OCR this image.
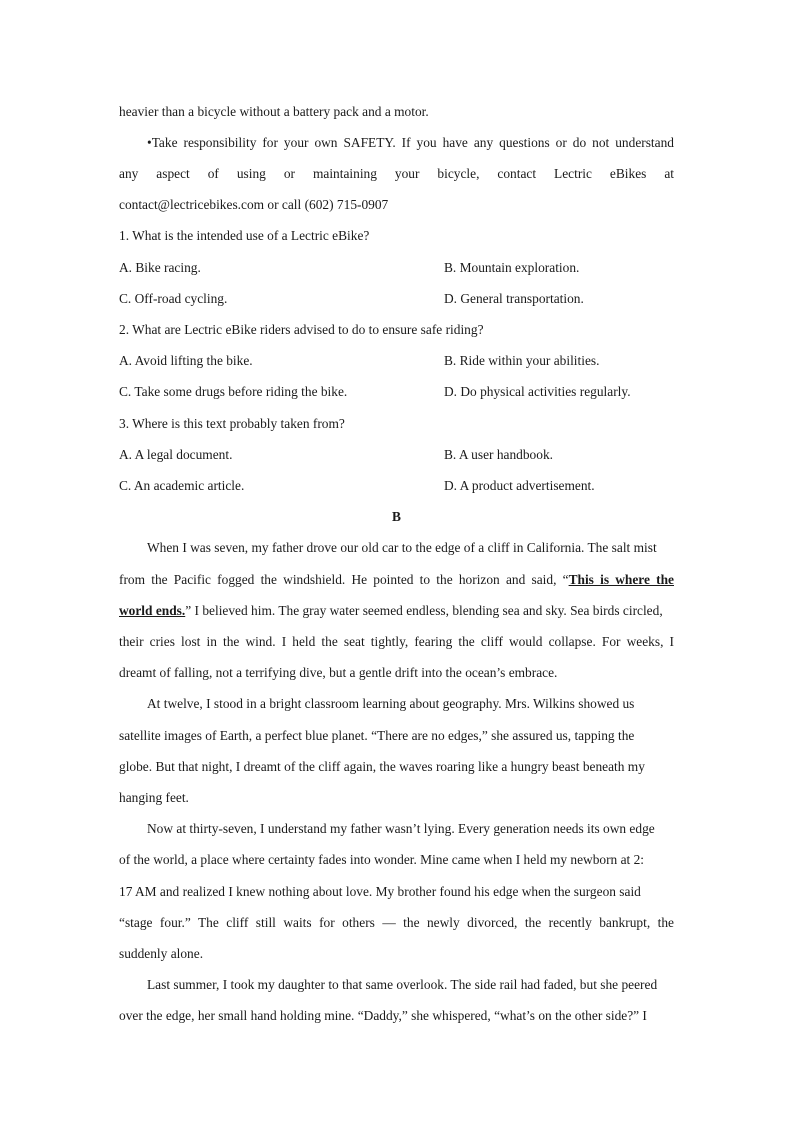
heavier than a bicycle without a battery pack and a motor.
•Take responsibility for your own SAFETY. If you have any questions or do not understand
any aspect of using or maintaining your bicycle, contact Lectric eBikes at
contact@lectricebikes.com or call (602) 715-0907
1. What is the intended use of a Lectric eBike?
A. Bike racing.	B. Mountain exploration.
C. Off-road cycling.	D. General transportation.
2. What are Lectric eBike riders advised to do to ensure safe riding?
A. Avoid lifting the bike.	B. Ride within your abilities.
C. Take some drugs before riding the bike.	D. Do physical activities regularly.
3. Where is this text probably taken from?
A. A legal document.	B. A user handbook.
C. An academic article.	D. A product advertisement.
B
When I was seven, my father drove our old car to the edge of a cliff in California. The salt mist
from the Pacific fogged the windshield. He pointed to the horizon and said, “This is where the
world ends.” I believed him. The gray water seemed endless, blending sea and sky. Sea birds circled,
their cries lost in the wind. I held the seat tightly, fearing the cliff would collapse. For weeks, I
dreamt of falling, not a terrifying dive, but a gentle drift into the ocean’s embrace.
At twelve, I stood in a bright classroom learning about geography. Mrs. Wilkins showed us
satellite images of Earth, a perfect blue planet. “There are no edges,” she assured us, tapping the
globe. But that night, I dreamt of the cliff again, the waves roaring like a hungry beast beneath my
hanging feet.
Now at thirty-seven, I understand my father wasn’t lying. Every generation needs its own edge
of the world, a place where certainty fades into wonder. Mine came when I held my newborn at 2:
17 AM and realized I knew nothing about love. My brother found his edge when the surgeon said
“stage four.” The cliff still waits for others — the newly divorced, the recently bankrupt, the
suddenly alone.
Last summer, I took my daughter to that same overlook. The side rail had faded, but she peered
over the edge, her small hand holding mine. “Daddy,” she whispered, “what’s on the other side?” I
